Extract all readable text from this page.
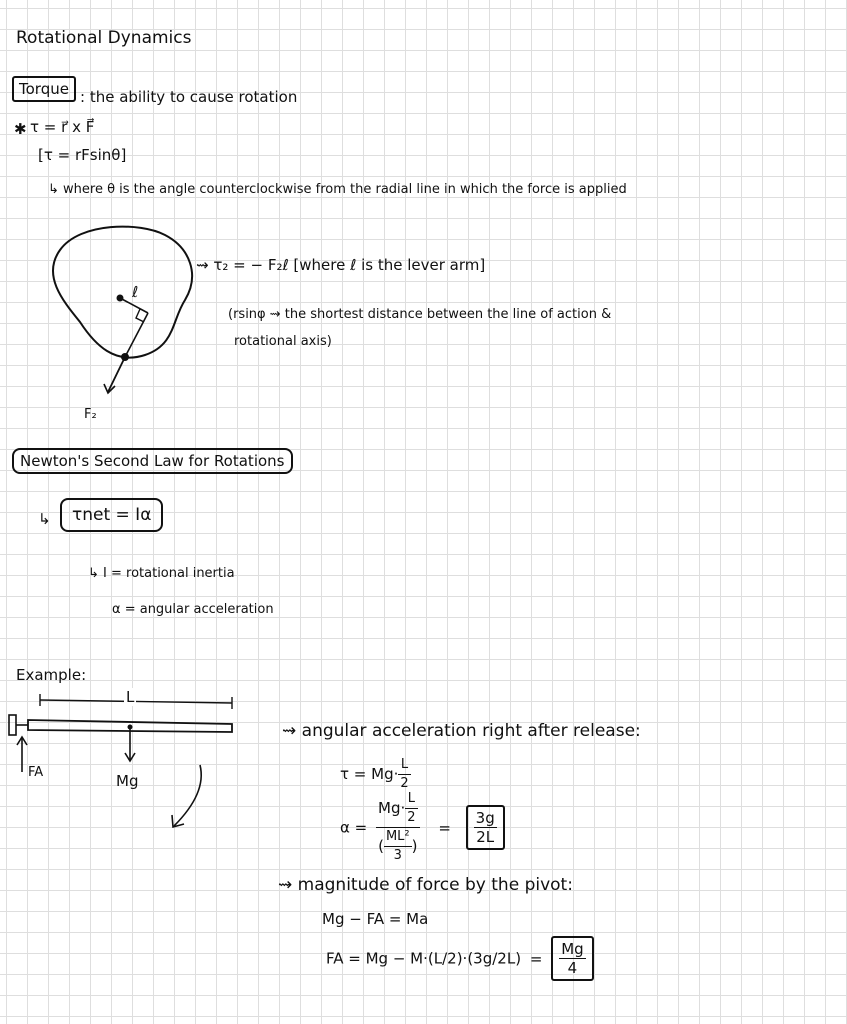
Rotational Dynamics
Torque : the ability to cause rotation
✱ τ = r⃗ x F⃗
[τ = rFsinθ]
↳ where θ is the angle counterclockwise from the radial line in which the force is applied
ℓ
F₂
⇝ τ₂ = − F₂ℓ [where ℓ is the lever arm]
(rsinφ ⇝ the shortest distance between the line of action &
rotational axis)
Newton's Second Law for Rotations
↳	τnet = Iα
↳ I = rotational inertia
α = angular acceleration
Example:
L
FA	Mg
⇝ angular acceleration right after release:
$\tau = Mg\cdot \frac{L}{2}$
$\alpha = \frac{Mg\cdot \frac{L}{2}}{( \frac{\text{ML²}}{3} )} = \frac{3g}{2L}$
⇝ magnitude of force by the pivot:
Mg − FA = Ma
FA = $Mg - M\cdot(L/2)\cdot(3g/2L) = \frac{Mg}{4}$
